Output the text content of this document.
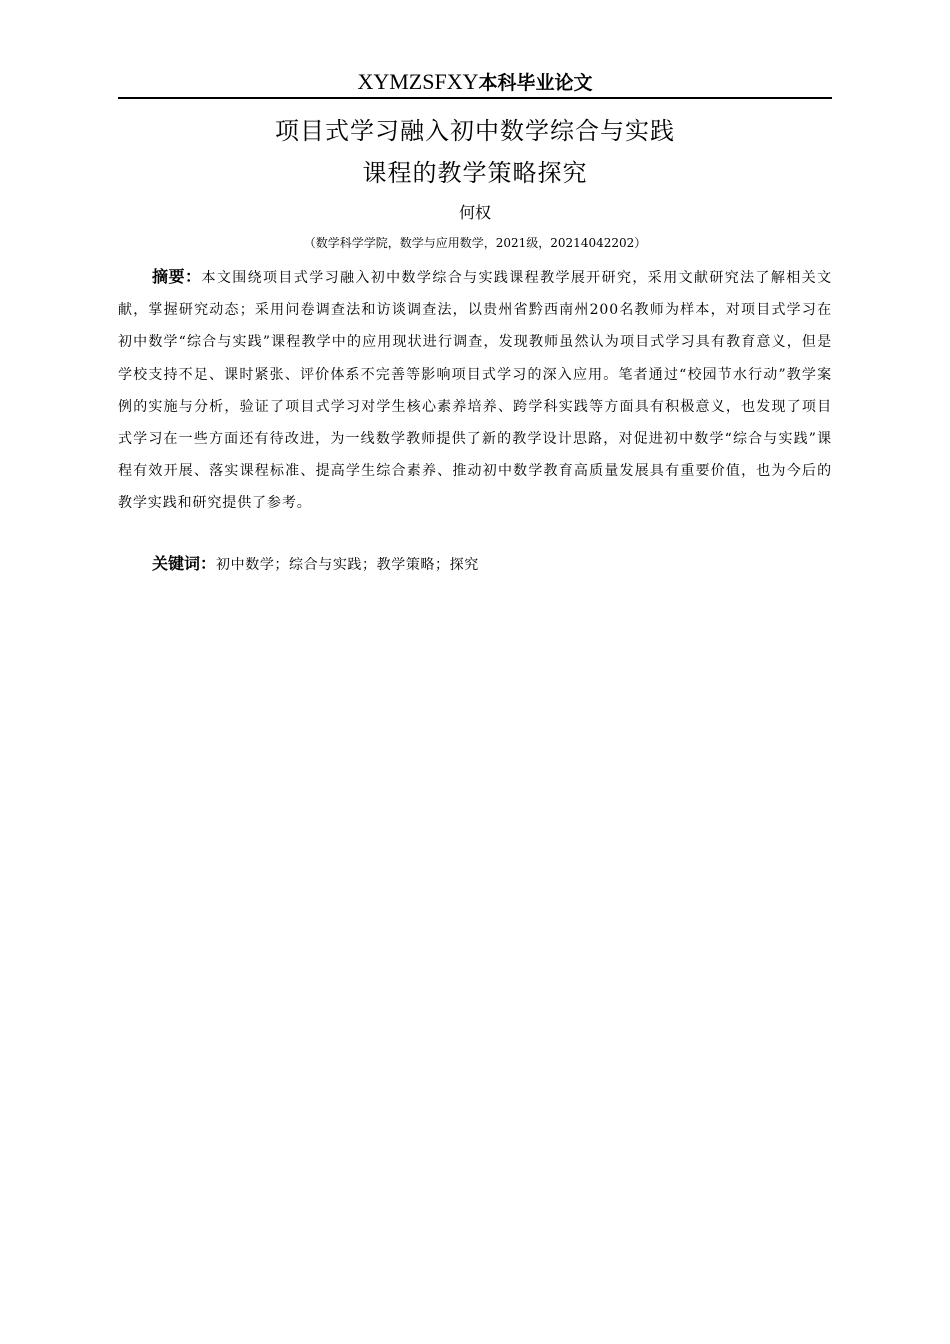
XYMZSFXY本科毕业论文
项目式学习融入初中数学综合与实践
课程的教学策略探究
何权
（数学科学学院，数学与应用数学，2021级，20214042202）

摘要：本文围绕项目式学习融入初中数学综合与实践课程教学展开研究，采用文献研究法了解相关文献，掌握研究动态；采用问卷调查法和访谈调查法，以贵州省黔西南州200名教师为样本，对项目式学习在初中数学“综合与实践”课程教学中的应用现状进行调查，发现教师虽然认为项目式学习具有教育意义，但是学校支持不足、课时紧张、评价体系不完善等影响项目式学习的深入应用。笔者通过“校园节水行动”教学案例的实施与分析，验证了项目式学习对学生核心素养培养、跨学科实践等方面具有积极意义，也发现了项目式学习在一些方面还有待改进，为一线数学教师提供了新的教学设计思路，对促进初中数学“综合与实践”课程有效开展、落实课程标准、提高学生综合素养、推动初中数学教育高质量发展具有重要价值，也为今后的教学实践和研究提供了参考。

关键词：初中数学；综合与实践；教学策略；探究
